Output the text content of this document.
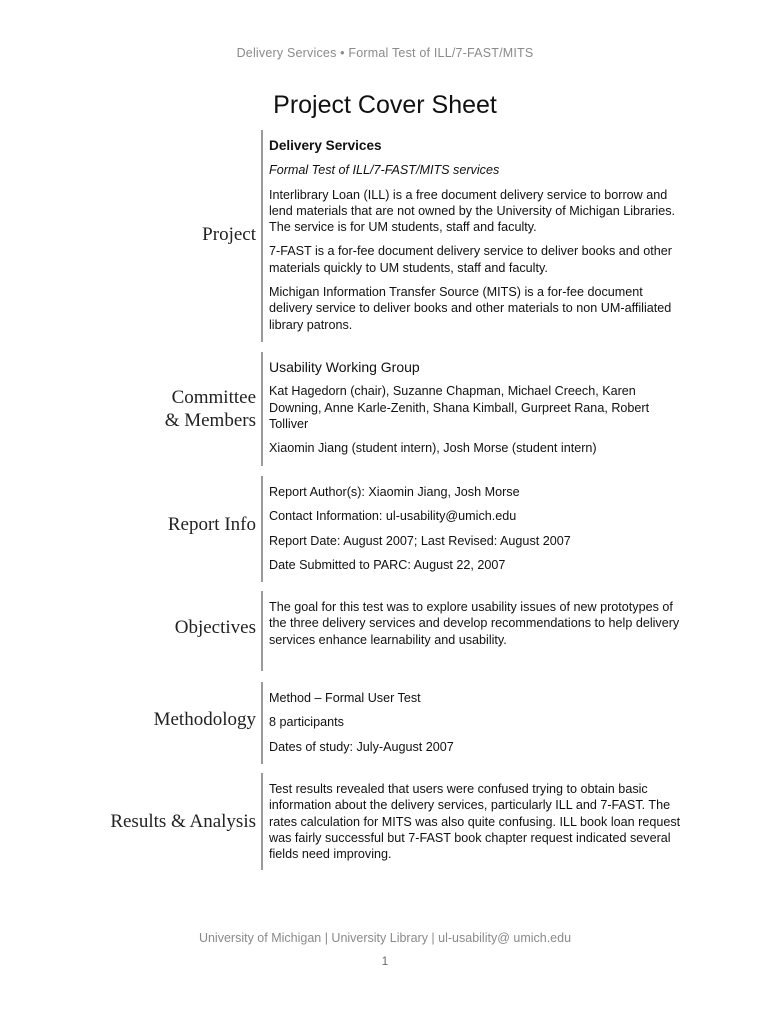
Delivery Services • Formal Test of ILL/7-FAST/MITS
Project Cover Sheet
Project

Delivery Services

Formal Test of ILL/7-FAST/MITS services

Interlibrary Loan (ILL) is a free document delivery service to borrow and lend materials that are not owned by the University of Michigan Libraries. The service is for UM students, staff and faculty.

7-FAST is a for-fee document delivery service to deliver books and other materials quickly to UM students, staff and faculty.

Michigan Information Transfer Source (MITS) is a for-fee document delivery service to deliver books and other materials to non UM-affiliated library patrons.

Committee
& Members

Usability Working Group

Kat Hagedorn (chair), Suzanne Chapman, Michael Creech, Karen Downing, Anne Karle-Zenith, Shana Kimball, Gurpreet Rana, Robert Tolliver

Xiaomin Jiang (student intern), Josh Morse (student intern)

Report Info

Report Author(s): Xiaomin Jiang, Josh Morse

Contact Information: ul-usability@umich.edu

Report Date: August 2007; Last Revised: August 2007

Date Submitted to PARC: August 22, 2007

Objectives

The goal for this test was to explore usability issues of new prototypes of the three delivery services and develop recommendations to help delivery services enhance learnability and usability.

Methodology

Method – Formal User Test

8 participants

Dates of study: July-August 2007

Results & Analysis

Test results revealed that users were confused trying to obtain basic information about the delivery services, particularly ILL and 7-FAST. The rates calculation for MITS was also quite confusing. ILL book loan request was fairly successful but 7-FAST book chapter request indicated several fields need improving.

University of Michigan | University Library | ul-usability@ umich.edu
1
